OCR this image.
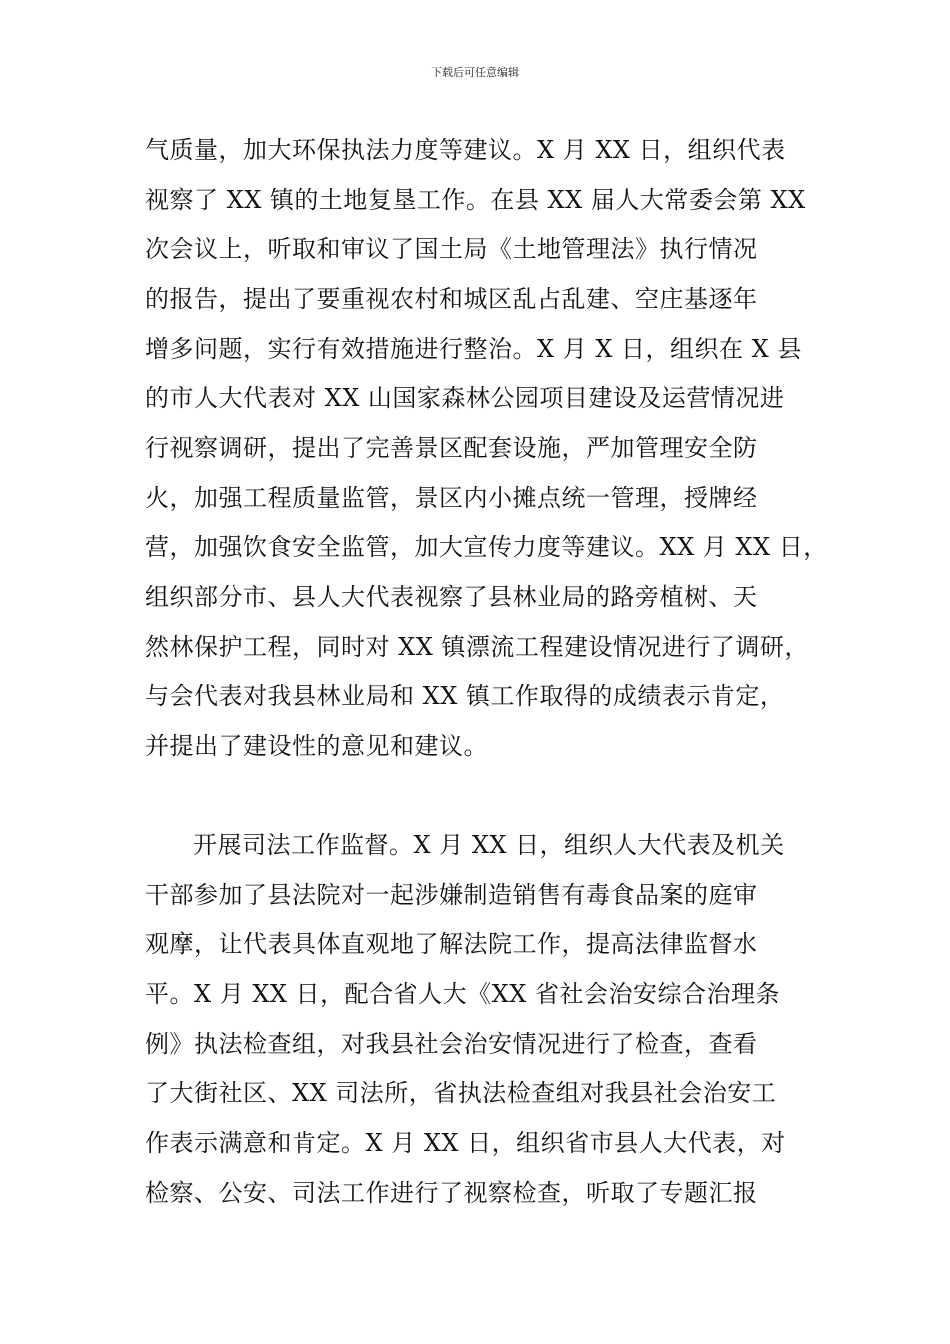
下载后可任意编辑
气质量，加大环保执法力度等建议。X 月 XX 日，组织代表
视察了 XX 镇的土地复垦工作。在县 XX 届人大常委会第 XX
次会议上，听取和审议了国土局《土地管理法》执行情况
的报告，提出了要重视农村和城区乱占乱建、空庄基逐年
增多问题，实行有效措施进行整治。X 月 X 日，组织在 X 县
的市人大代表对 XX 山国家森林公园项目建设及运营情况进
行视察调研，提出了完善景区配套设施，严加管理安全防
火，加强工程质量监管，景区内小摊点统一管理，授牌经
营，加强饮食安全监管，加大宣传力度等建议。XX 月 XX 日，
组织部分市、县人大代表视察了县林业局的路旁植树、天
然林保护工程，同时对 XX 镇漂流工程建设情况进行了调研，
与会代表对我县林业局和 XX 镇工作取得的成绩表示肯定，
并提出了建设性的意见和建议。
开展司法工作监督。X 月 XX 日，组织人大代表及机关
干部参加了县法院对一起涉嫌制造销售有毒食品案的庭审
观摩，让代表具体直观地了解法院工作，提高法律监督水
平。X 月 XX 日，配合省人大《XX 省社会治安综合治理条
例》执法检查组，对我县社会治安情况进行了检查，查看
了大街社区、XX 司法所，省执法检查组对我县社会治安工
作表示满意和肯定。X 月 XX 日，组织省市县人大代表，对
检察、公安、司法工作进行了视察检查，听取了专题汇报
